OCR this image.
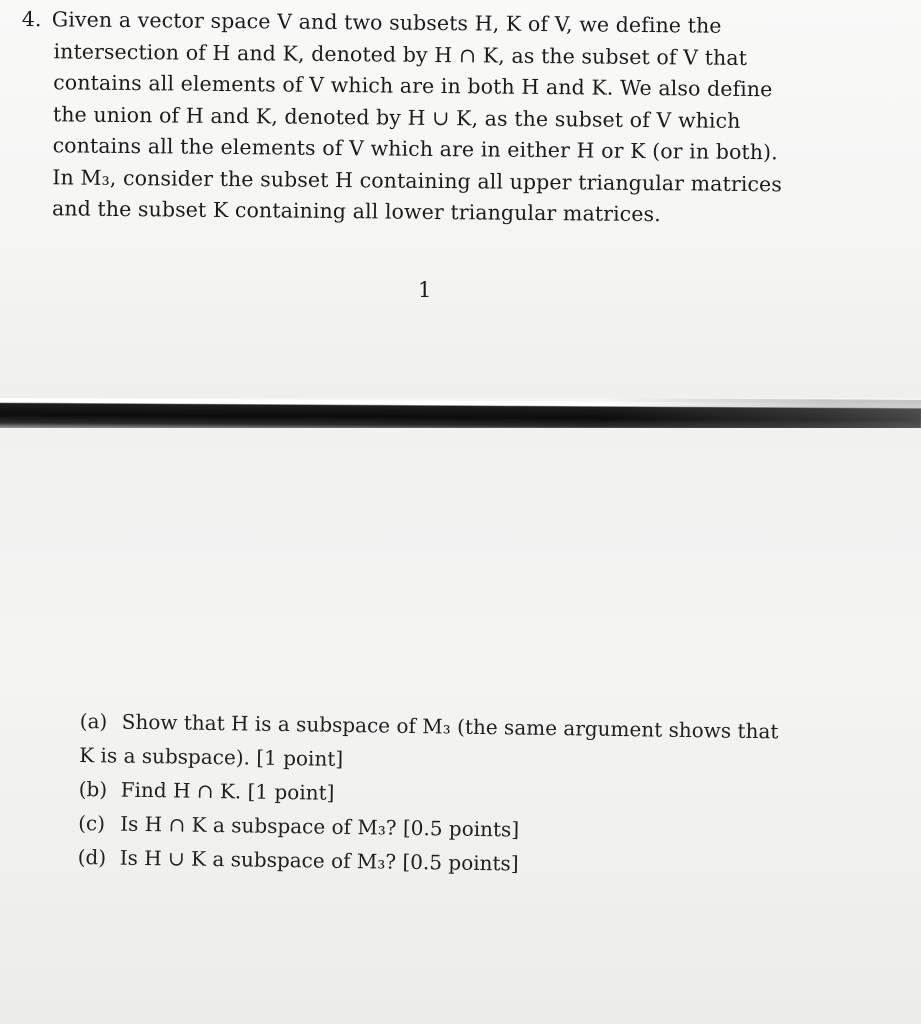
4. Given a vector space V and two subsets H, K of V, we define the
intersection of H and K, denoted by H ∩ K, as the subset of V that
contains all elements of V which are in both H and K. We also define
the union of H and K, denoted by H ∪ K, as the subset of V which
contains all the elements of V which are in either H or K (or in both).
In M₃, consider the subset H containing all upper triangular matrices
and the subset K containing all lower triangular matrices.
1
(a) Show that H is a subspace of M₃ (the same argument shows that
K is a subspace). [1 point]
(b) Find H ∩ K. [1 point]
(c) Is H ∩ K a subspace of M₃? [0.5 points]
(d) Is H ∪ K a subspace of M₃? [0.5 points]
